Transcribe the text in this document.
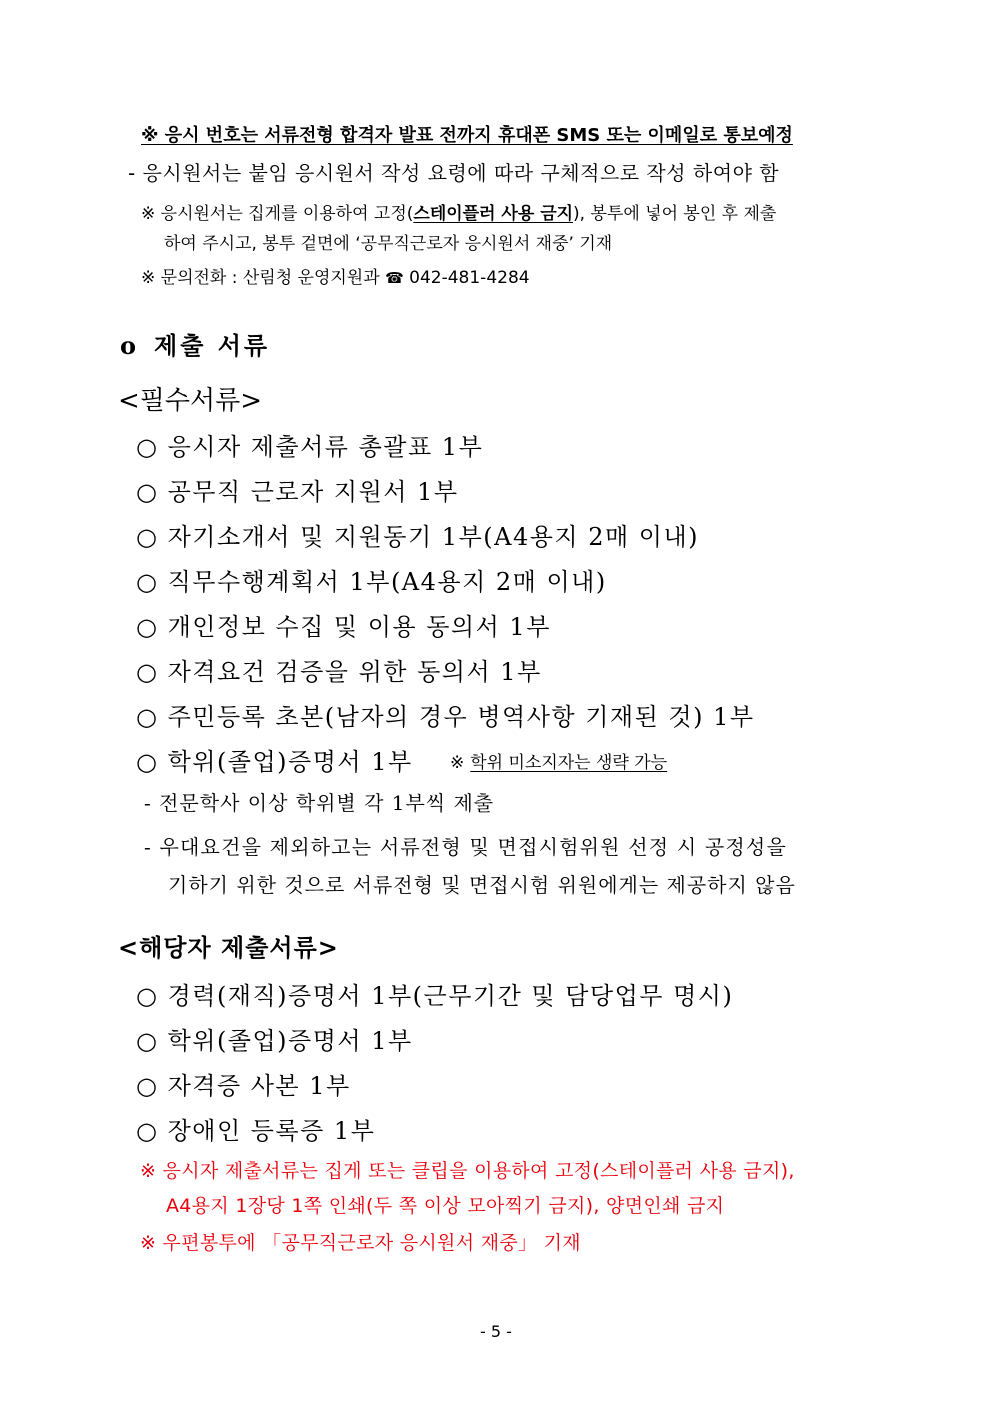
※ 응시 번호는 서류전형 합격자 발표 전까지 휴대폰 SMS 또는 이메일로 통보예정
- 응시원서는 붙임 응시원서 작성 요령에 따라 구체적으로 작성 하여야 함
※ 응시원서는 집게를 이용하여 고정(스테이플러 사용 금지), 봉투에 넣어 봉인 후 제출
하여 주시고, 봉투 겉면에 ‘공무직근로자 응시원서 재중’ 기재
※ 문의전화 : 산림청 운영지원과 ☎ 042-481-4284
o 제출 서류
<필수서류>
○ 응시자 제출서류 총괄표 1부
○ 공무직 근로자 지원서 1부
○ 자기소개서 및 지원동기 1부(A4용지 2매 이내)
○ 직무수행계획서 1부(A4용지 2매 이내)
○ 개인정보 수집 및 이용 동의서 1부
○ 자격요건 검증을 위한 동의서 1부
○ 주민등록 초본(남자의 경우 병역사항 기재된 것) 1부
○ 학위(졸업)증명서 1부 ※ 학위 미소지자는 생략 가능
- 전문학사 이상 학위별 각 1부씩 제출
- 우대요건을 제외하고는 서류전형 및 면접시험위원 선정 시 공정성을
기하기 위한 것으로 서류전형 및 면접시험 위원에게는 제공하지 않음
<해당자 제출서류>
○ 경력(재직)증명서 1부(근무기간 및 담당업무 명시)
○ 학위(졸업)증명서 1부
○ 자격증 사본 1부
○ 장애인 등록증 1부
※ 응시자 제출서류는 집게 또는 클립을 이용하여 고정(스테이플러 사용 금지),
A4용지 1장당 1쪽 인쇄(두 쪽 이상 모아찍기 금지), 양면인쇄 금지
※ 우편봉투에 「공무직근로자 응시원서 재중」 기재
- 5 -
